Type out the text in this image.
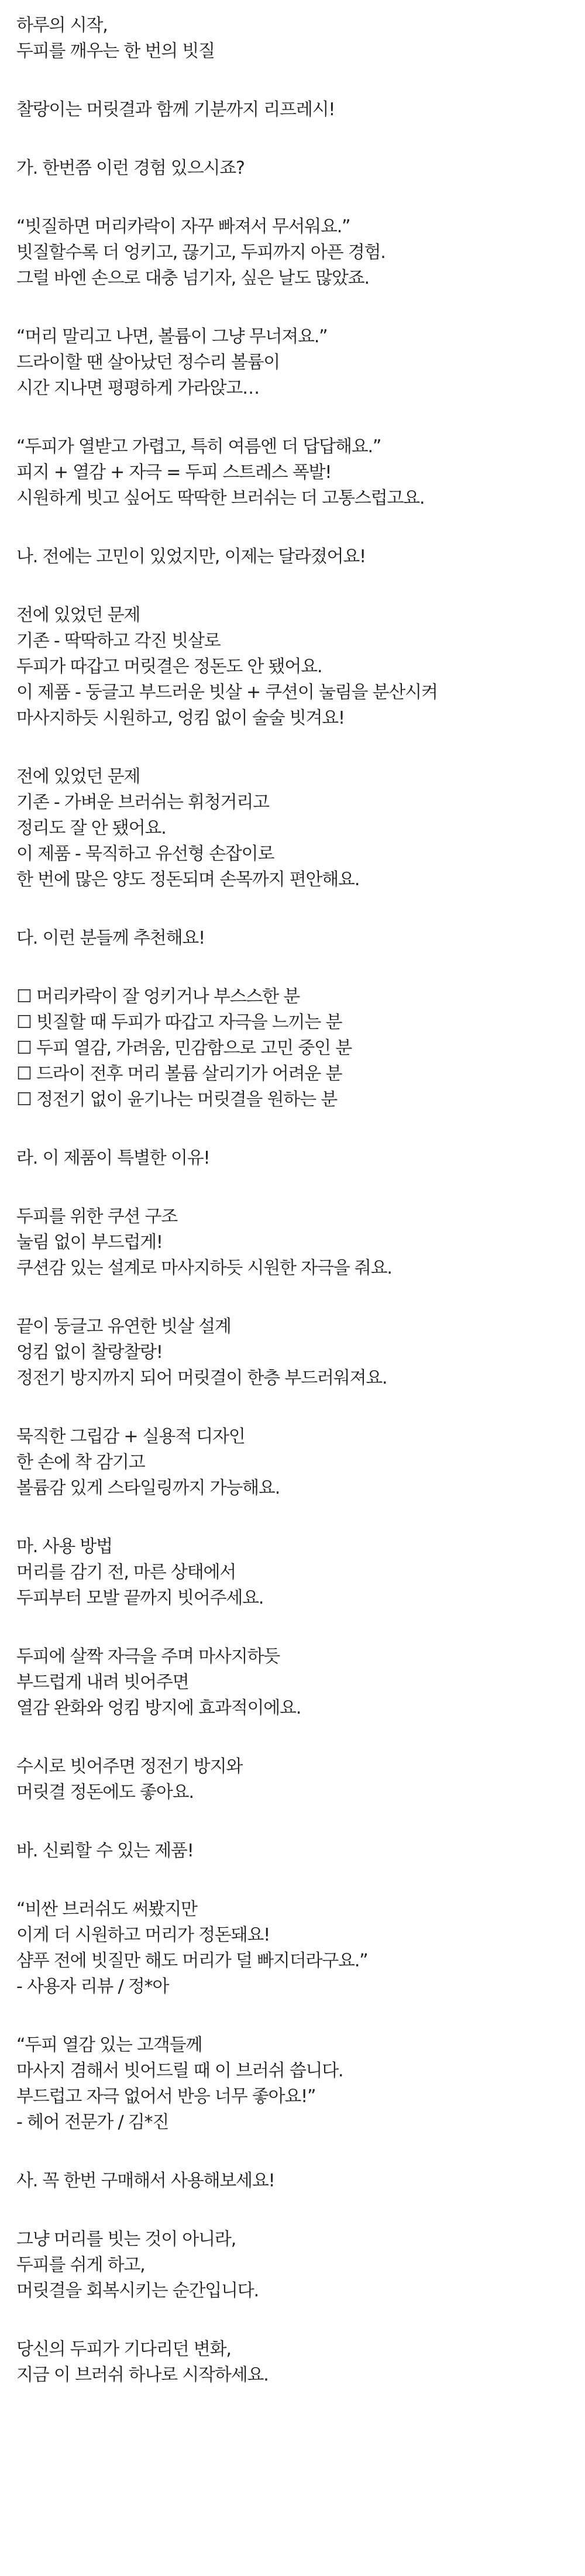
하루의 시작,
두피를 깨우는 한 번의 빗질
찰랑이는 머릿결과 함께 기분까지 리프레시!
가. 한번쯤 이런 경험 있으시죠?
“빗질하면 머리카락이 자꾸 빠져서 무서워요.”
빗질할수록 더 엉키고, 끊기고, 두피까지 아픈 경험.
그럴 바엔 손으로 대충 넘기자, 싶은 날도 많았죠.
“머리 말리고 나면, 볼륨이 그냥 무너져요.”
드라이할 땐 살아났던 정수리 볼륨이
시간 지나면 평평하게 가라앉고…
“두피가 열받고 가렵고, 특히 여름엔 더 답답해요.”
피지 + 열감 + 자극 = 두피 스트레스 폭발!
시원하게 빗고 싶어도 딱딱한 브러쉬는 더 고통스럽고요.
나. 전에는 고민이 있었지만, 이제는 달라졌어요!
전에 있었던 문제
기존 - 딱딱하고 각진 빗살로
두피가 따갑고 머릿결은 정돈도 안 됐어요.
이 제품 - 둥글고 부드러운 빗살 + 쿠션이 눌림을 분산시켜
마사지하듯 시원하고, 엉킴 없이 술술 빗겨요!
전에 있었던 문제
기존 - 가벼운 브러쉬는 휘청거리고
정리도 잘 안 됐어요.
이 제품 - 묵직하고 유선형 손잡이로
한 번에 많은 양도 정돈되며 손목까지 편안해요.
다. 이런 분들께 추천해요!
☐ 머리카락이 잘 엉키거나 부스스한 분
☐ 빗질할 때 두피가 따갑고 자극을 느끼는 분
☐ 두피 열감, 가려움, 민감함으로 고민 중인 분
☐ 드라이 전후 머리 볼륨 살리기가 어려운 분
☐ 정전기 없이 윤기나는 머릿결을 원하는 분
라. 이 제품이 특별한 이유!
두피를 위한 쿠션 구조
눌림 없이 부드럽게!
쿠션감 있는 설계로 마사지하듯 시원한 자극을 줘요.
끝이 둥글고 유연한 빗살 설계
엉킴 없이 찰랑찰랑!
정전기 방지까지 되어 머릿결이 한층 부드러워져요.
묵직한 그립감 + 실용적 디자인
한 손에 착 감기고
볼륨감 있게 스타일링까지 가능해요.
마. 사용 방법
머리를 감기 전, 마른 상태에서
두피부터 모발 끝까지 빗어주세요.
두피에 살짝 자극을 주며 마사지하듯
부드럽게 내려 빗어주면
열감 완화와 엉킴 방지에 효과적이에요.
수시로 빗어주면 정전기 방지와
머릿결 정돈에도 좋아요.
바. 신뢰할 수 있는 제품!
“비싼 브러쉬도 써봤지만
이게 더 시원하고 머리가 정돈돼요!
샴푸 전에 빗질만 해도 머리가 덜 빠지더라구요.”
- 사용자 리뷰 / 정*아
“두피 열감 있는 고객들께
마사지 겸해서 빗어드릴 때 이 브러쉬 씁니다.
부드럽고 자극 없어서 반응 너무 좋아요!”
- 헤어 전문가 / 김*진
사. 꼭 한번 구매해서 사용해보세요!
그냥 머리를 빗는 것이 아니라,
두피를 쉬게 하고,
머릿결을 회복시키는 순간입니다.
당신의 두피가 기다리던 변화,
지금 이 브러쉬 하나로 시작하세요.
